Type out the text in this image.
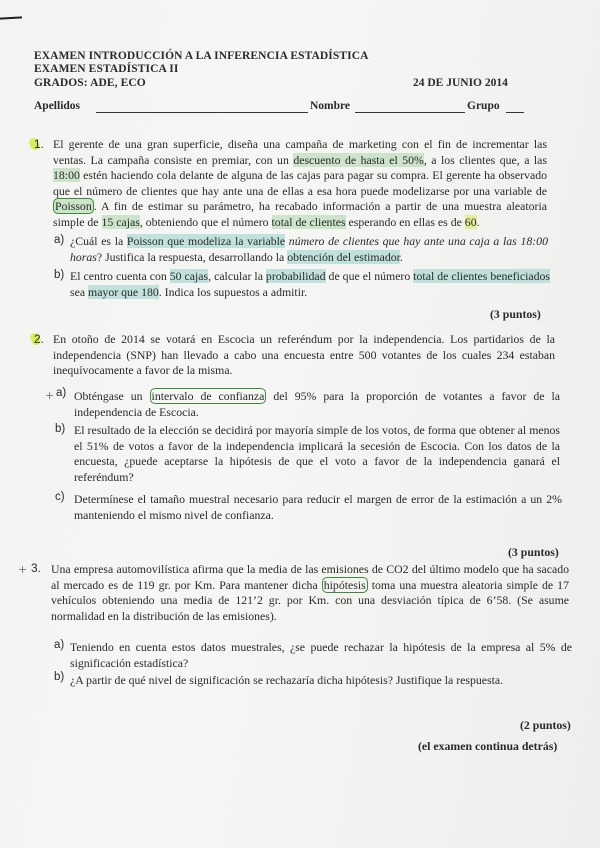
EXAMEN INTRODUCCIÓN A LA INFERENCIA ESTADÍSTICA
EXAMEN ESTADÍSTICA II
GRADOS: ADE, ECO	24 DE JUNIO 2014
Apellidos	Nombre	Grupo
1. El gerente de una gran superficie, diseña una campaña de marketing con el fin de incrementar las ventas. La campaña consiste en premiar, con un descuento de hasta el 50%, a los clientes que, a las 18:00 estén haciendo cola delante de alguna de las cajas para pagar su compra. El gerente ha observado que el número de clientes que hay ante una de ellas a esa hora puede modelizarse por una variable de Poisson . A fin de estimar su parámetro, ha recabado información a partir de una muestra aleatoria simple de 15 cajas, obteniendo que el número total de clientes esperando en ellas es de 60.
a) ¿Cuál es la Poisson que modeliza la variable número de clientes que hay ante una caja a las 18:00 horas? Justifica la respuesta, desarrollando la obtención del estimador.
b) El centro cuenta con 50 cajas, calcular la probabilidad de que el número total de clientes beneficiados sea mayor que 180. Indica los supuestos a admitir.
(3 puntos)
2. En otoño de 2014 se votará en Escocia un referéndum por la independencia. Los partidarios de la independencia (SNP) han llevado a cabo una encuesta entre 500 votantes de los cuales 234 estaban inequívocamente a favor de la misma.
+ a) Obténgase un intervalo de confianza del 95% para la proporción de votantes a favor de la independencia de Escocia.
b) El resultado de la elección se decidirá por mayoría simple de los votos, de forma que obtener al menos el 51% de votos a favor de la independencia implicará la secesión de Escocia. Con los datos de la encuesta, ¿puede aceptarse la hipótesis de que el voto a favor de la independencia ganará el referéndum?
c) Determínese el tamaño muestral necesario para reducir el margen de error de la estimación a un 2% manteniendo el mismo nivel de confianza.
(3 puntos)
+ 3. Una empresa automovilística afirma que la media de las emisiones de CO2 del último modelo que ha sacado al mercado es de 119 gr. por Km. Para mantener dicha hipótesis toma una muestra aleatoria simple de 17 vehículos obteniendo una media de 121’2 gr. por Km. con una desviación típica de 6’58. (Se asume normalidad en la distribución de las emisiones).
a) Teniendo en cuenta estos datos muestrales, ¿se puede rechazar la hipótesis de la empresa al 5% de significación estadística?
b) ¿A partir de qué nivel de significación se rechazaría dicha hipótesis? Justifique la respuesta.
(2 puntos)
(el examen continua detrás)
